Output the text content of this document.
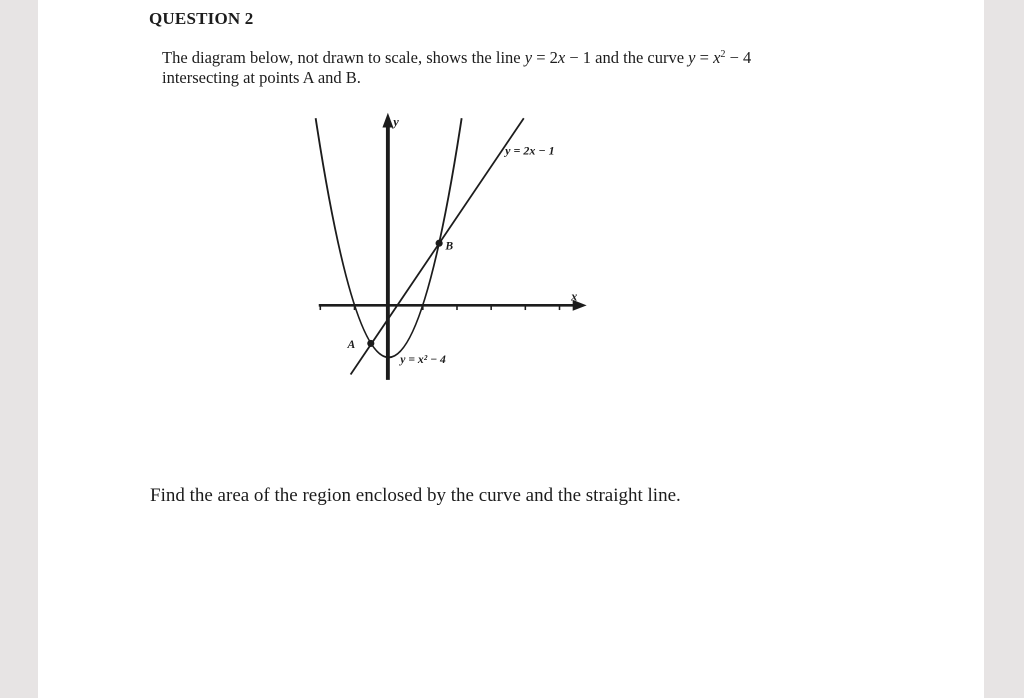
QUESTION 2
The diagram below, not drawn to scale, shows the line y = 2x − 1 and the curve $y = x^2 - 4$
intersecting at points A and B.
x
y
A
B
y = 2x − 1
y = x² − 4
Find the area of the region enclosed by the curve and the straight line.
